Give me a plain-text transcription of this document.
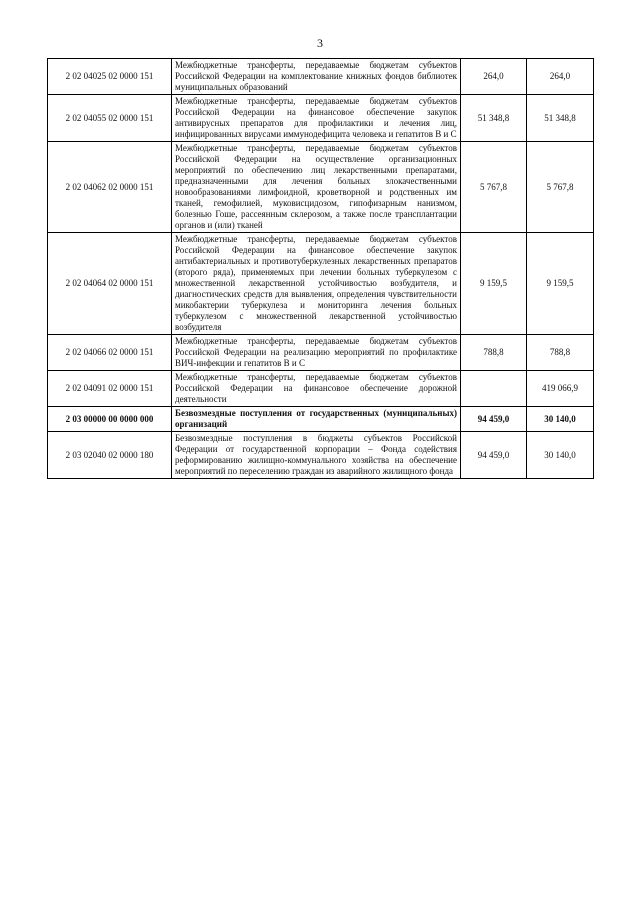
3
2 02 04025 02 0000 151	Межбюджетные трансферты, передаваемые бюджетам субъектов Российской Федерации на комплектование книжных фондов библиотек муниципальных образований	264,0	264,0
2 02 04055 02 0000 151	Межбюджетные трансферты, передаваемые бюджетам субъектов Российской Федерации на финансовое обеспечение закупок антивирусных препаратов для профилактики и лечения лиц, инфицированных вирусами иммунодефицита человека и гепатитов В и С	51 348,8	51 348,8
2 02 04062 02 0000 151	Межбюджетные трансферты, передаваемые бюджетам субъектов Российской Федерации на осуществление организационных мероприятий по обеспечению лиц лекарственными препаратами, предназначенными для лечения больных злокачественными новообразованиями лимфоидной, кроветворной и родственных им тканей, гемофилией, муковисцидозом, гипофизарным нанизмом, болезнью Гоше, рассеянным склерозом, а также после трансплантации органов и (или) тканей	5 767,8	5 767,8
2 02 04064 02 0000 151	Межбюджетные трансферты, передаваемые бюджетам субъектов Российской Федерации на финансовое обеспечение закупок антибактериальных и противотуберкулезных лекарственных препаратов (второго ряда), применяемых при лечении больных туберкулезом с множественной лекарственной устойчивостью возбудителя, и диагностических средств для выявления, определения чувствительности микобактерии туберкулеза и мониторинга лечения больных туберкулезом с множественной лекарственной устойчивостью возбудителя	9 159,5	9 159,5
2 02 04066 02 0000 151	Межбюджетные трансферты, передаваемые бюджетам субъектов Российской Федерации на реализацию мероприятий по профилактике ВИЧ-инфекции и гепатитов В и С	788,8	788,8
2 02 04091 02 0000 151	Межбюджетные трансферты, передаваемые бюджетам субъектов Российской Федерации на финансовое обеспечение дорожной деятельности		419 066,9
2 03 00000 00 0000 000	Безвозмездные поступления от государственных (муниципальных) организаций	94 459,0	30 140,0
2 03 02040 02 0000 180	Безвозмездные поступления в бюджеты субъектов Российской Федерации от государственной корпорации – Фонда содействия реформированию жилищно-коммунального хозяйства на обеспечение мероприятий по переселению граждан из аварийного жилищного фонда	94 459,0	30 140,0
